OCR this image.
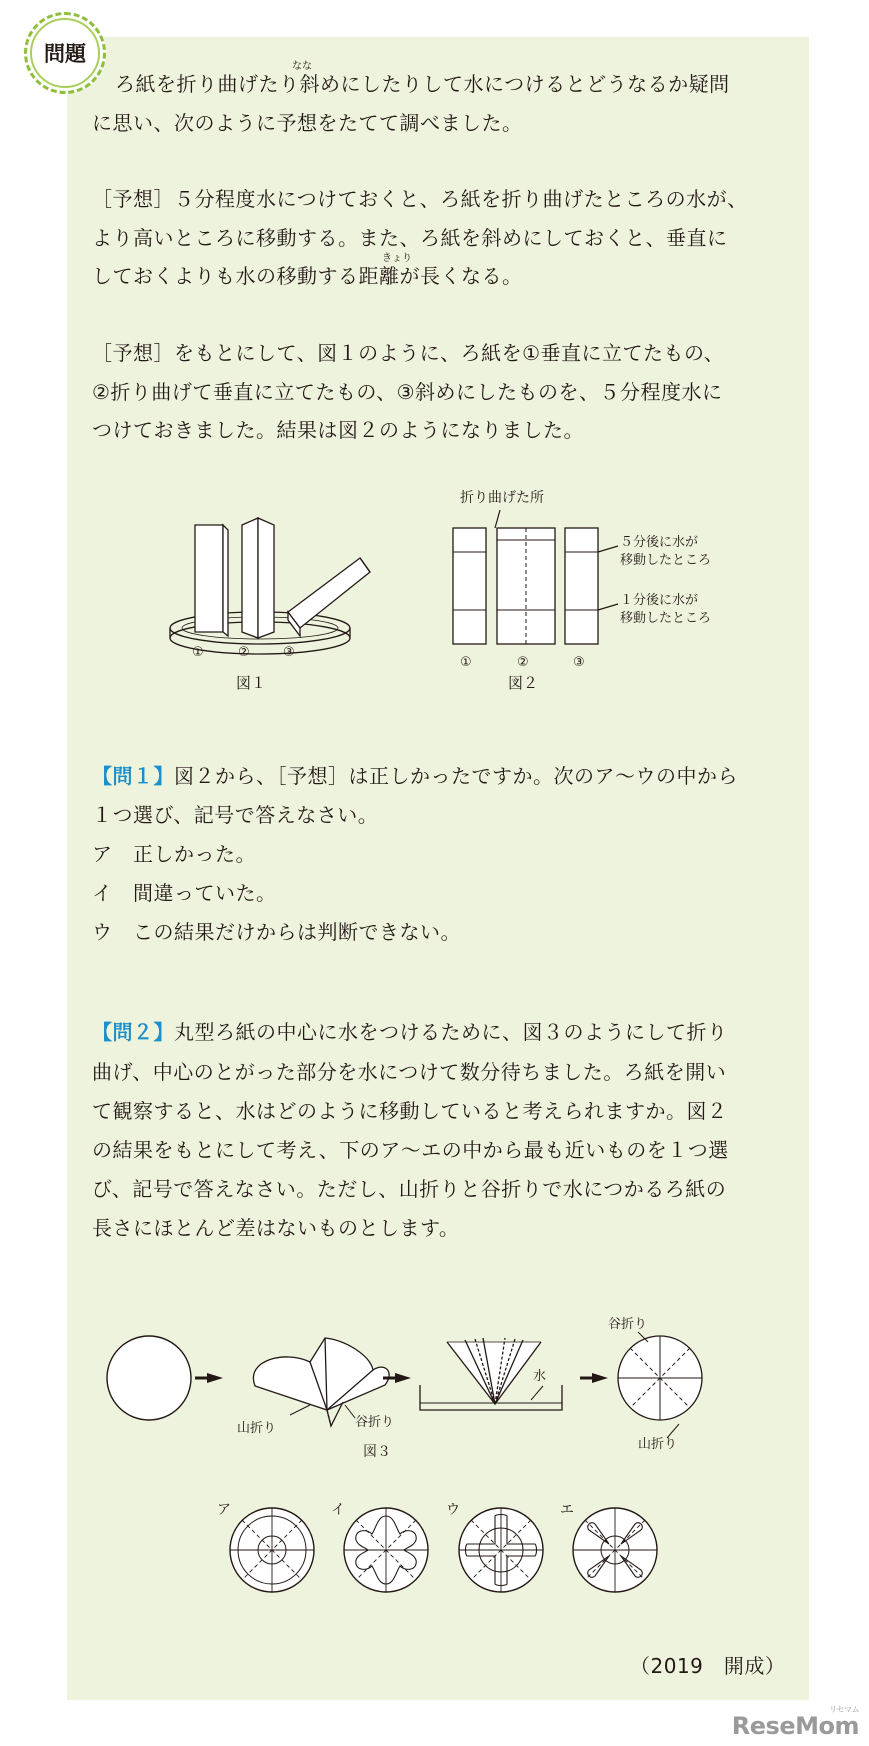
問題
ろ紙を折り曲げたり斜めにしたりして水につけるとどうなるか疑問
なな
に思い、次のように予想をたてて調べました。
［予想］５分程度水につけておくと、ろ紙を折り曲げたところの水が、
より高いところに移動する。また、ろ紙を斜めにしておくと、垂直に
しておくよりも水の移動する距離が長くなる。
きょり
［予想］をもとにして、図１のように、ろ紙を①垂直に立てたもの、
②折り曲げて垂直に立てたもの、③斜めにしたものを、５分程度水に
つけておきました。結果は図２のようになりました。
①	②	③
図１
折り曲げた所
５分後に水が
移動したところ
１分後に水が
移動したところ
①	②	③
図２
【問１】図２から、［予想］は正しかったですか。次のア～ウの中から
１つ選び、記号で答えなさい。
ア　正しかった。
イ　間違っていた。
ウ　この結果だけからは判断できない。
【問２】丸型ろ紙の中心に水をつけるために、図３のようにして折り
曲げ、中心のとがった部分を水につけて数分待ちました。ろ紙を開い
て観察すると、水はどのように移動していると考えられますか。図２
の結果をもとにして考え、下のア～エの中から最も近いものを１つ選
び、記号で答えなさい。ただし、山折りと谷折りで水につかるろ紙の
長さにほとんど差はないものとします。
山折り	谷折り
水
谷折り
山折り
図３
ア	イ	ウ	エ
（2019　開成）
リセマム
ReseMom
